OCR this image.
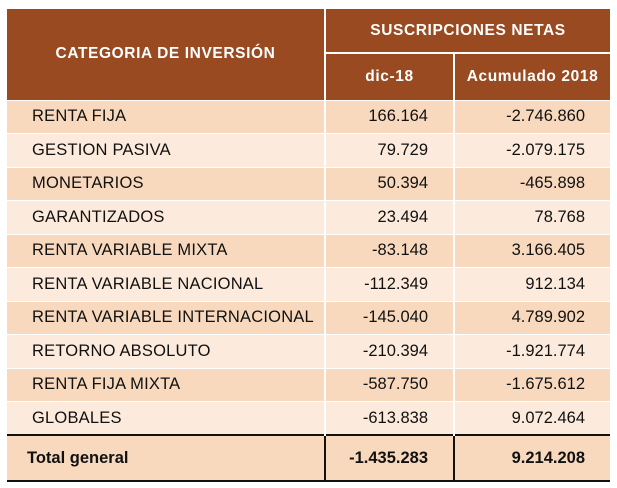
CATEGORIA DE INVERSIÓN	SUSCRIPCIONES NETAS	
	dic-18	Acumulado 2018
RENTA FIJA	166.164	-2.746.860
GESTION PASIVA	79.729	-2.079.175
MONETARIOS	50.394	-465.898
GARANTIZADOS	23.494	78.768
RENTA VARIABLE MIXTA	-83.148	3.166.405
RENTA VARIABLE NACIONAL	-112.349	912.134
RENTA VARIABLE INTERNACIONAL	-145.040	4.789.902
RETORNO ABSOLUTO	-210.394	-1.921.774
RENTA FIJA MIXTA	-587.750	-1.675.612
GLOBALES	-613.838	9.072.464
Total general	-1.435.283	9.214.208
